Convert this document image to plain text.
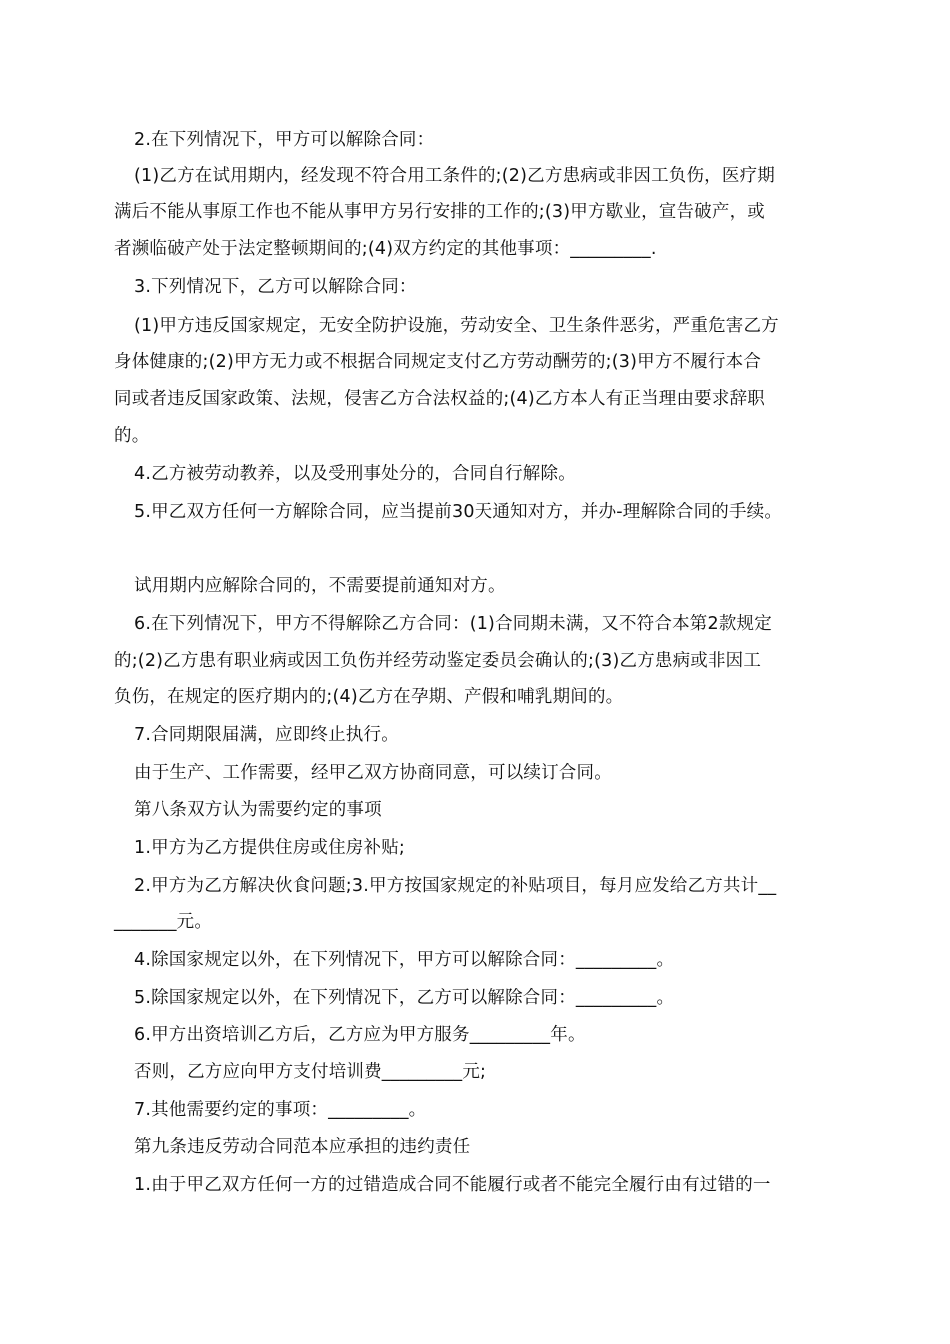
2.在下列情况下，甲方可以解除合同：
(1)乙方在试用期内，经发现不符合用工条件的;(2)乙方患病或非因工负伤，医疗期
满后不能从事原工作也不能从事甲方另行安排的工作的;(3)甲方歇业，宣告破产，或
者濒临破产处于法定整顿期间的;(4)双方约定的其他事项：_________.
3.下列情况下，乙方可以解除合同：
(1)甲方违反国家规定，无安全防护设施，劳动安全、卫生条件恶劣，严重危害乙方
身体健康的;(2)甲方无力或不根据合同规定支付乙方劳动酬劳的;(3)甲方不履行本合
同或者违反国家政策、法规，侵害乙方合法权益的;(4)乙方本人有正当理由要求辞职
的。
4.乙方被劳动教养，以及受刑事处分的，合同自行解除。
5.甲乙双方任何一方解除合同，应当提前30天通知对方，并办-理解除合同的手续。
试用期内应解除合同的，不需要提前通知对方。
6.在下列情况下，甲方不得解除乙方合同：(1)合同期未满，又不符合本第2款规定
的;(2)乙方患有职业病或因工负伤并经劳动鉴定委员会确认的;(3)乙方患病或非因工
负伤，在规定的医疗期内的;(4)乙方在孕期、产假和哺乳期间的。
7.合同期限届满，应即终止执行。
由于生产、工作需要，经甲乙双方协商同意，可以续订合同。
第八条双方认为需要约定的事项
1.甲方为乙方提供住房或住房补贴;
2.甲方为乙方解决伙食问题;3.甲方按国家规定的补贴项目，每月应发给乙方共计__
_______元。
4.除国家规定以外，在下列情况下，甲方可以解除合同：_________。
5.除国家规定以外，在下列情况下，乙方可以解除合同：_________。
6.甲方出资培训乙方后，乙方应为甲方服务_________年。
否则，乙方应向甲方支付培训费_________元;
7.其他需要约定的事项：_________。
第九条违反劳动合同范本应承担的违约责任
1.由于甲乙双方任何一方的过错造成合同不能履行或者不能完全履行由有过错的一
